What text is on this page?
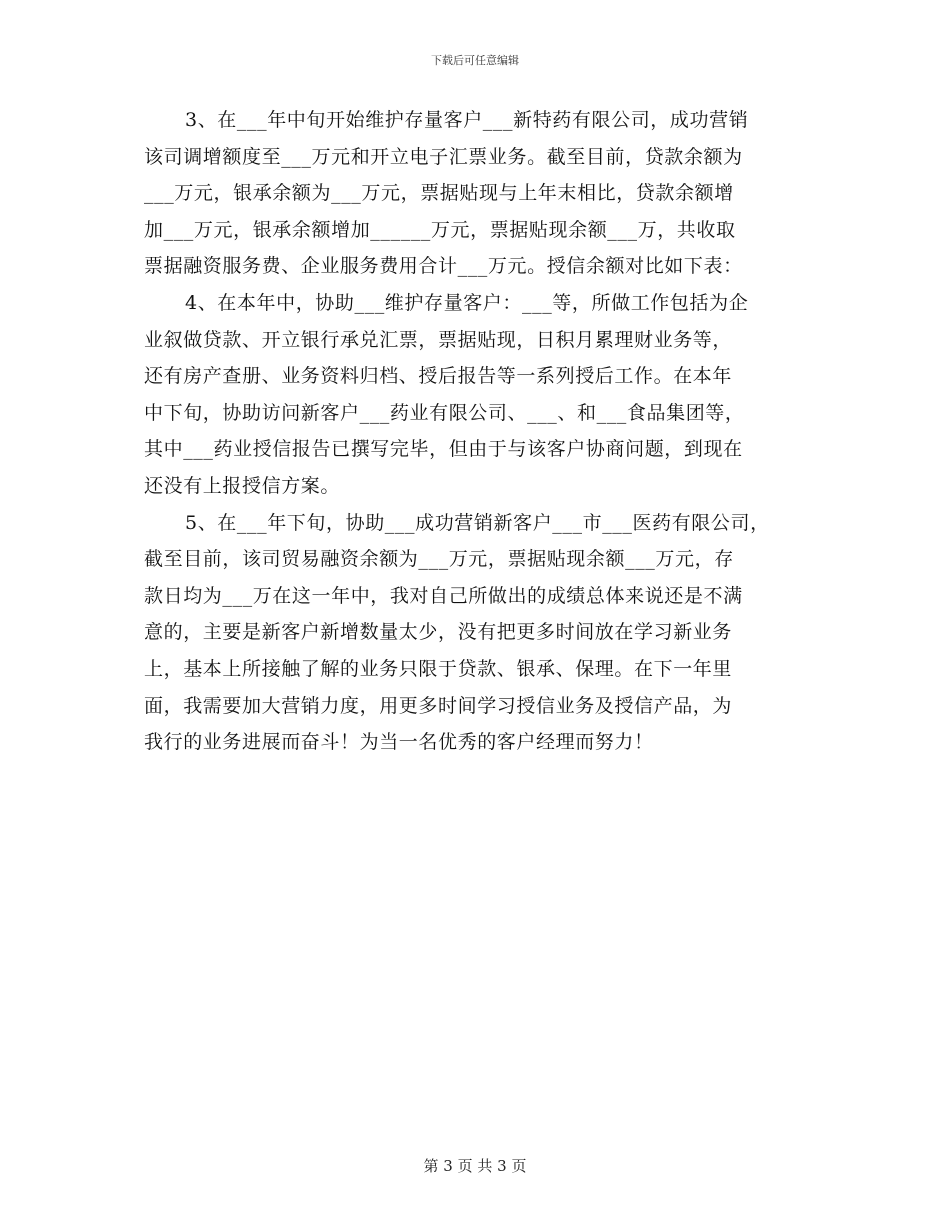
下载后可任意编辑
3、在___年中旬开始维护存量客户___新特药有限公司，成功营销
该司调增额度至___万元和开立电子汇票业务。截至目前，贷款余额为
___万元，银承余额为___万元，票据贴现与上年末相比，贷款余额增
加___万元，银承余额增加______万元，票据贴现余额___万，共收取
票据融资服务费、企业服务费用合计___万元。授信余额对比如下表：
4、在本年中，协助___维护存量客户：___等，所做工作包括为企
业叙做贷款、开立银行承兑汇票，票据贴现，日积月累理财业务等，
还有房产查册、业务资料归档、授后报告等一系列授后工作。在本年
中下旬，协助访问新客户___药业有限公司、___、和___食品集团等，
其中___药业授信报告已撰写完毕，但由于与该客户协商问题，到现在
还没有上报授信方案。
5、在___年下旬，协助___成功营销新客户___市___医药有限公司，
截至目前，该司贸易融资余额为___万元，票据贴现余额___万元，存
款日均为___万在这一年中，我对自己所做出的成绩总体来说还是不满
意的，主要是新客户新增数量太少，没有把更多时间放在学习新业务
上，基本上所接触了解的业务只限于贷款、银承、保理。在下一年里
面，我需要加大营销力度，用更多时间学习授信业务及授信产品，为
我行的业务进展而奋斗！为当一名优秀的客户经理而努力！
第 3 页 共 3 页
